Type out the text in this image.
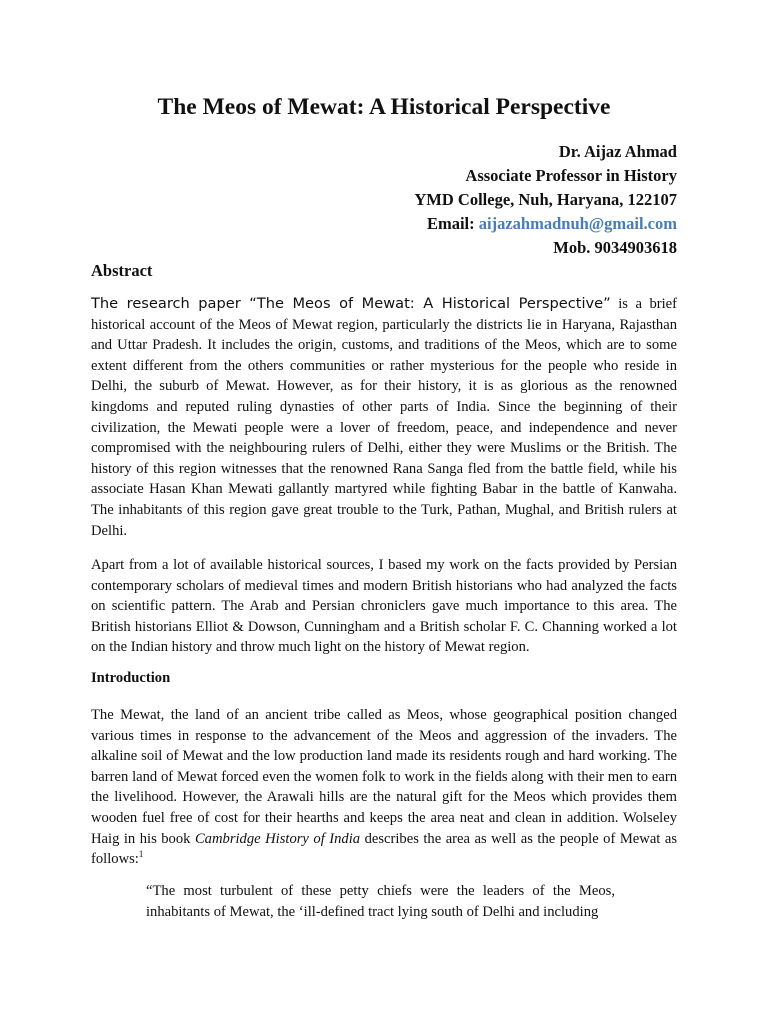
The Meos of Mewat: A Historical Perspective
Dr. Aijaz Ahmad
Associate Professor in History
YMD College, Nuh, Haryana, 122107
Email: aijazahmadnuh@gmail.com
Mob. 9034903618
Abstract

The research paper “The Meos of Mewat: A Historical Perspective” is a brief historical account of the Meos of Mewat region, particularly the districts lie in Haryana, Rajasthan and Uttar Pradesh. It includes the origin, customs, and traditions of the Meos, which are to some extent different from the others communities or rather mysterious for the people who reside in Delhi, the suburb of Mewat. However, as for their history, it is as glorious as the renowned kingdoms and reputed ruling dynasties of other parts of India. Since the beginning of their civilization, the Mewati people were a lover of freedom, peace, and independence and never compromised with the neighbouring rulers of Delhi, either they were Muslims or the British. The history of this region witnesses that the renowned Rana Sanga fled from the battle field, while his associate Hasan Khan Mewati gallantly martyred while fighting Babar in the battle of Kanwaha. The inhabitants of this region gave great trouble to the Turk, Pathan, Mughal, and British rulers at Delhi.

Apart from a lot of available historical sources, I based my work on the facts provided by Persian contemporary scholars of medieval times and modern British historians who had analyzed the facts on scientific pattern. The Arab and Persian chroniclers gave much importance to this area. The British historians Elliot & Dowson, Cunningham and a British scholar F. C. Channing worked a lot on the Indian history and throw much light on the history of Mewat region.

Introduction

The Mewat, the land of an ancient tribe called as Meos, whose geographical position changed various times in response to the advancement of the Meos and aggression of the invaders. The alkaline soil of Mewat and the low production land made its residents rough and hard working. The barren land of Mewat forced even the women folk to work in the fields along with their men to earn the livelihood. However, the Arawali hills are the natural gift for the Meos which provides them wooden fuel free of cost for their hearths and keeps the area neat and clean in addition. Wolseley Haig in his book Cambridge History of India describes the area as well as the people of Mewat as follows:$^1$

“The most turbulent of these petty chiefs were the leaders of the Meos, inhabitants of Mewat, the ‘ill-defined tract lying south of Delhi and including
